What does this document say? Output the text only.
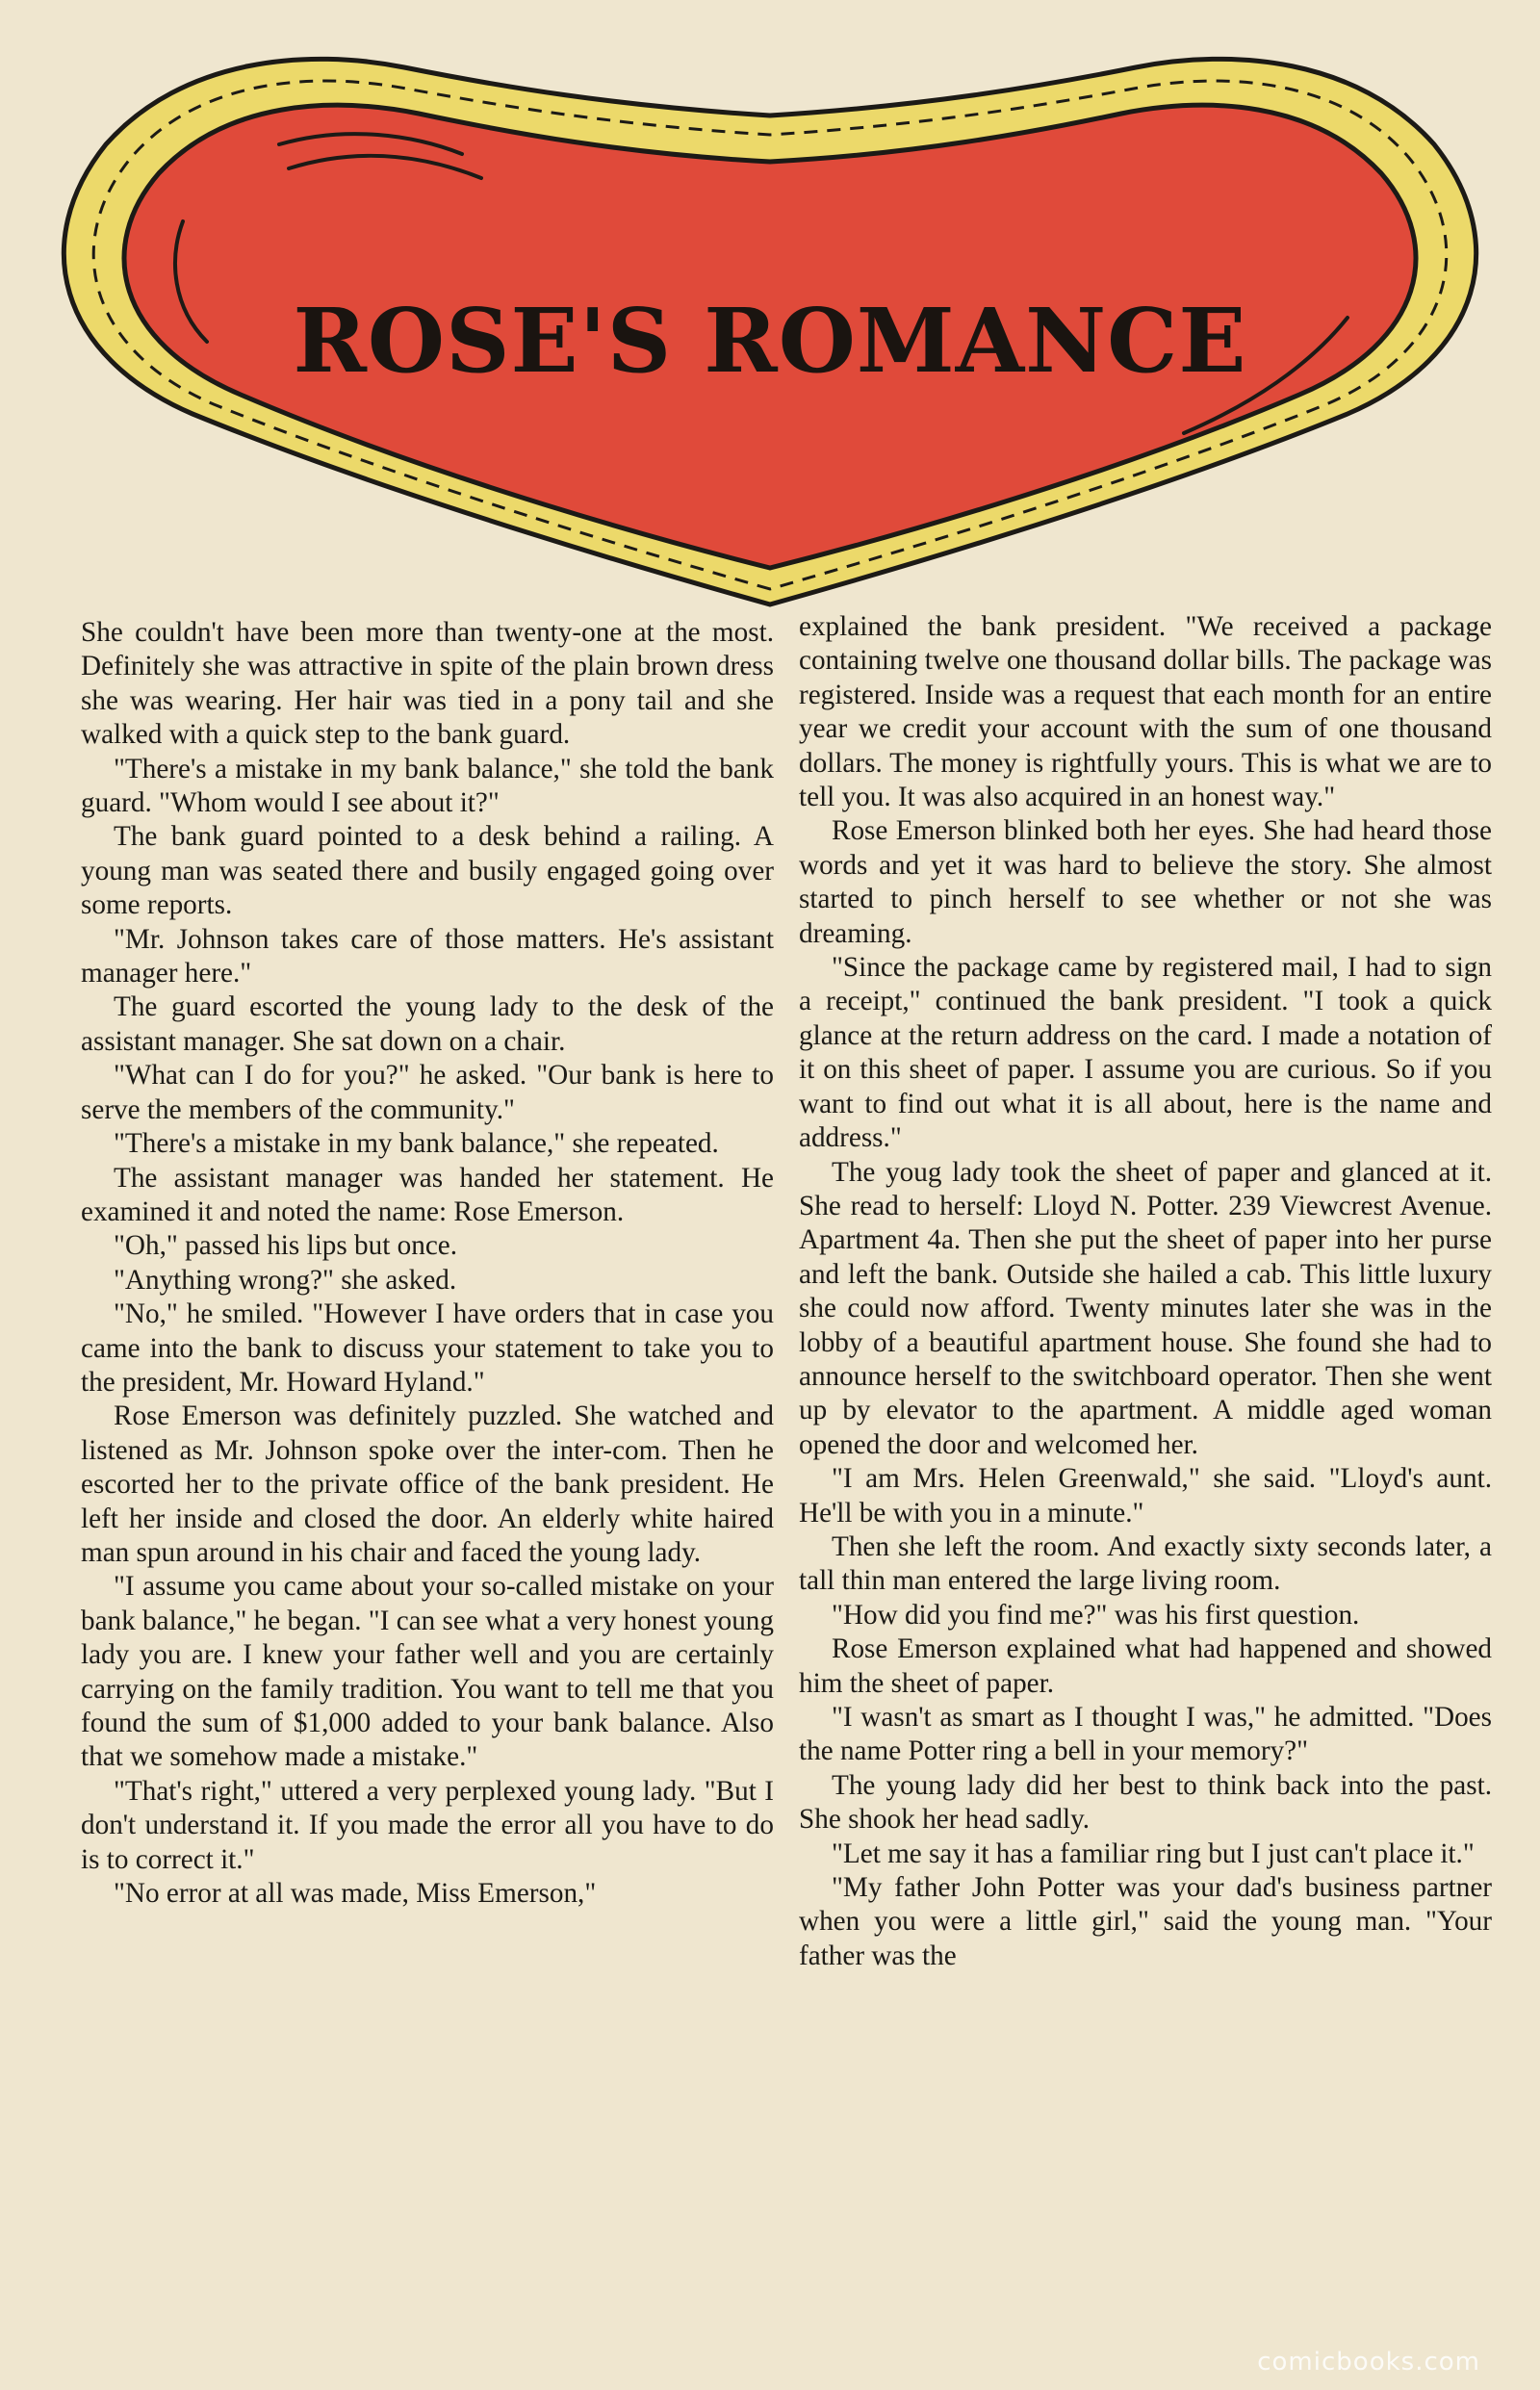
ROSE'S ROMANCE

She couldn't have been more than twenty-one at the most. Definitely she was attractive in spite of the plain brown dress she was wearing. Her hair was tied in a pony tail and she walked with a quick step to the bank guard.

"There's a mistake in my bank balance," she told the bank guard. "Whom would I see about it?"

The bank guard pointed to a desk behind a railing. A young man was seated there and busily engaged going over some reports.

"Mr. Johnson takes care of those matters. He's assistant manager here."

The guard escorted the young lady to the desk of the assistant manager. She sat down on a chair.

"What can I do for you?" he asked. "Our bank is here to serve the members of the community."

"There's a mistake in my bank balance," she repeated.

The assistant manager was handed her statement. He examined it and noted the name: Rose Emerson.

"Oh," passed his lips but once.

"Anything wrong?" she asked.

"No," he smiled. "However I have orders that in case you came into the bank to discuss your statement to take you to the president, Mr. Howard Hyland."

Rose Emerson was definitely puzzled. She watched and listened as Mr. Johnson spoke over the inter-com. Then he escorted her to the private office of the bank president. He left her inside and closed the door. An elderly white haired man spun around in his chair and faced the young lady.

"I assume you came about your so-called mistake on your bank balance," he began. "I can see what a very honest young lady you are. I knew your father well and you are certainly carrying on the family tradition. You want to tell me that you found the sum of $1,000 added to your bank balance. Also that we somehow made a mistake."

"That's right," uttered a very perplexed young lady. "But I don't understand it. If you made the error all you have to do is to correct it."

"No error at all was made, Miss Emerson,"

explained the bank president. "We received a package containing twelve one thousand dollar bills. The package was registered. Inside was a request that each month for an entire year we credit your account with the sum of one thousand dollars. The money is rightfully yours. This is what we are to tell you. It was also acquired in an honest way."

Rose Emerson blinked both her eyes. She had heard those words and yet it was hard to believe the story. She almost started to pinch herself to see whether or not she was dreaming.

"Since the package came by registered mail, I had to sign a receipt," continued the bank president. "I took a quick glance at the return address on the card. I made a notation of it on this sheet of paper. I assume you are curious. So if you want to find out what it is all about, here is the name and address."

The youg lady took the sheet of paper and glanced at it. She read to herself: Lloyd N. Potter. 239 Viewcrest Avenue. Apartment 4a. Then she put the sheet of paper into her purse and left the bank. Outside she hailed a cab. This little luxury she could now afford. Twenty minutes later she was in the lobby of a beautiful apartment house. She found she had to announce herself to the switchboard operator. Then she went up by elevator to the apartment. A middle aged woman opened the door and welcomed her.

"I am Mrs. Helen Greenwald," she said. "Lloyd's aunt. He'll be with you in a minute."

Then she left the room. And exactly sixty seconds later, a tall thin man entered the large living room.

"How did you find me?" was his first question.

Rose Emerson explained what had happened and showed him the sheet of paper.

"I wasn't as smart as I thought I was," he admitted. "Does the name Potter ring a bell in your memory?"

The young lady did her best to think back into the past. She shook her head sadly.

"Let me say it has a familiar ring but I just can't place it."

"My father John Potter was your dad's business partner when you were a little girl," said the young man. "Your father was the

comicbooks.com
